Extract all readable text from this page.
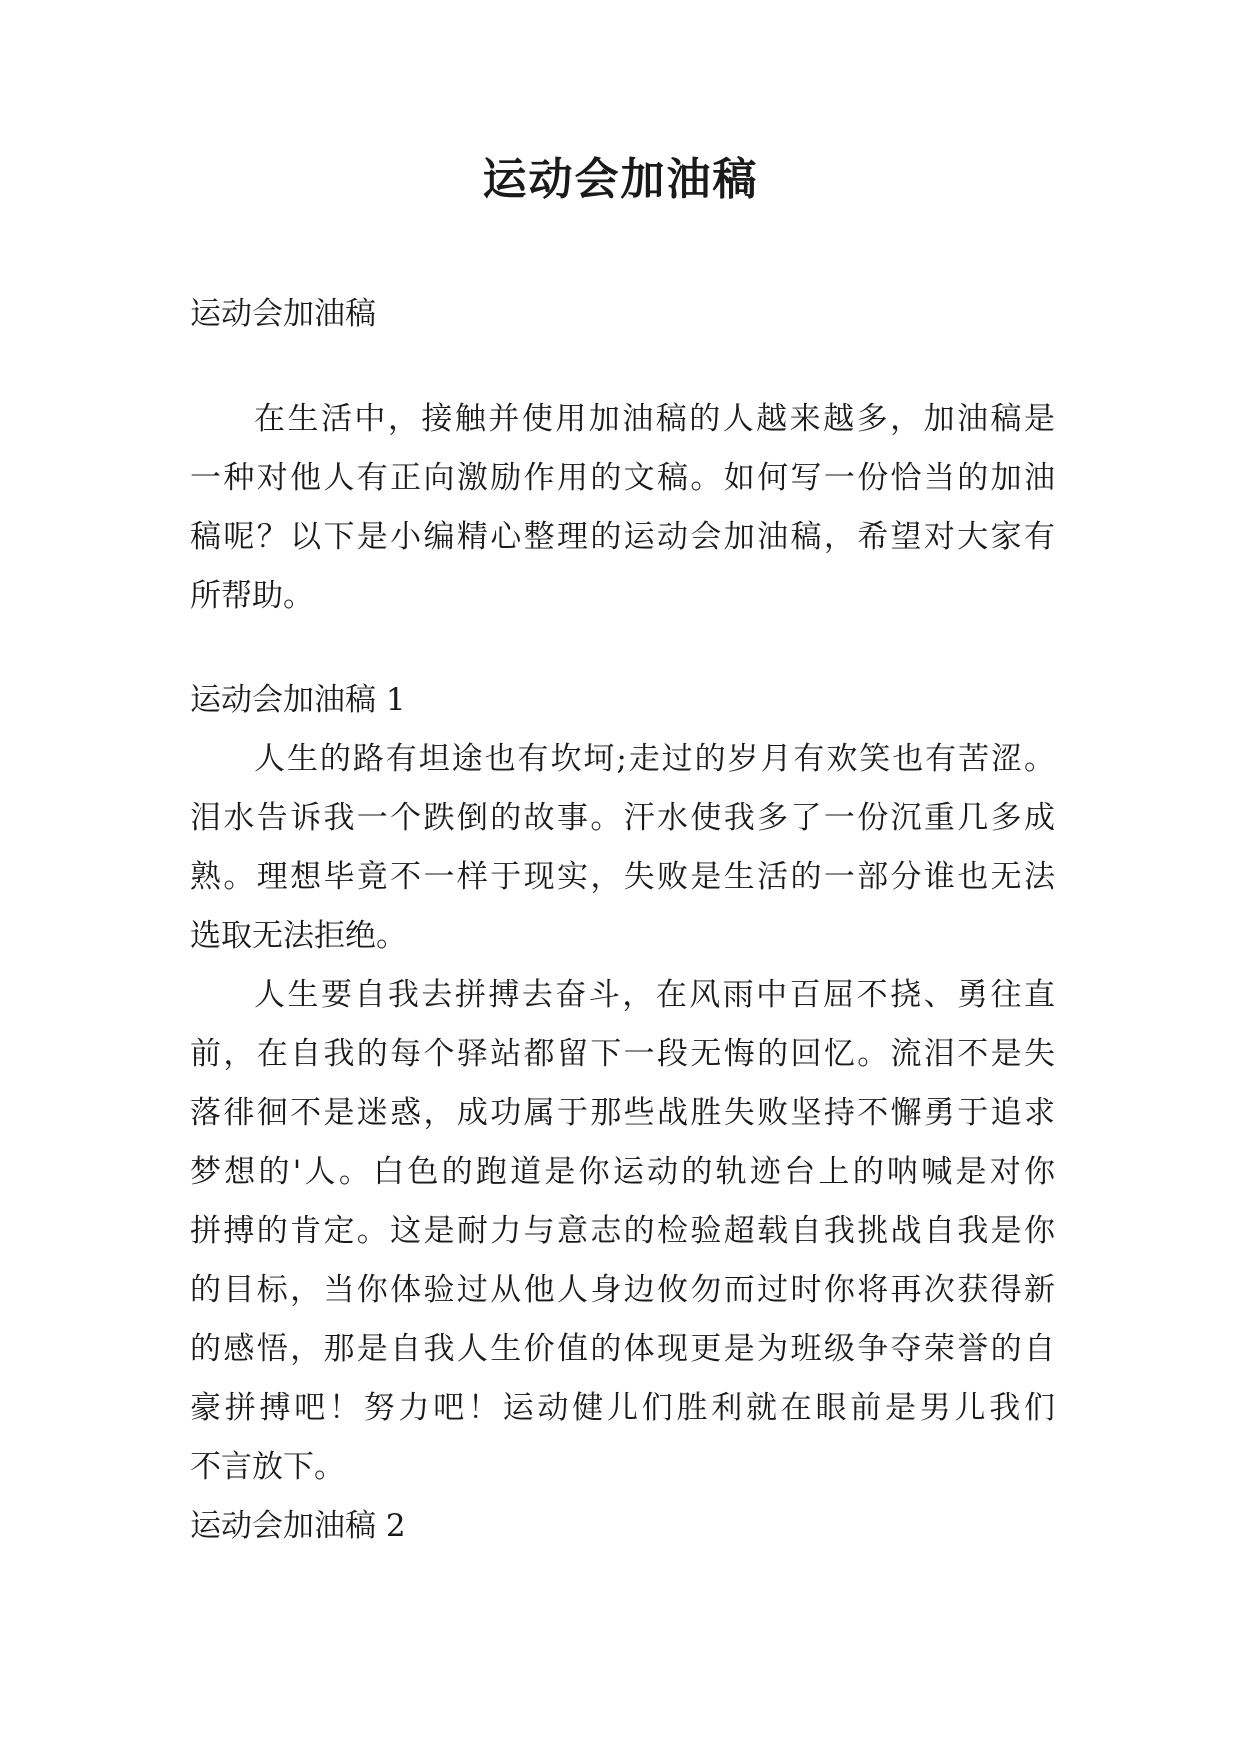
运动会加油稿
运动会加油稿
在生活中，接触并使用加油稿的人越来越多，加油稿是
一种对他人有正向激励作用的文稿。如何写一份恰当的加油
稿呢？以下是小编精心整理的运动会加油稿，希望对大家有
所帮助。
运动会加油稿 1
人生的路有坦途也有坎坷;走过的岁月有欢笑也有苦涩。
泪水告诉我一个跌倒的故事。汗水使我多了一份沉重几多成
熟。理想毕竟不一样于现实，失败是生活的一部分谁也无法
选取无法拒绝。
人生要自我去拼搏去奋斗，在风雨中百屈不挠、勇往直
前，在自我的每个驿站都留下一段无悔的回忆。流泪不是失
落徘徊不是迷惑，成功属于那些战胜失败坚持不懈勇于追求
梦想的'人。白色的跑道是你运动的轨迹台上的呐喊是对你
拼搏的肯定。这是耐力与意志的检验超载自我挑战自我是你
的目标，当你体验过从他人身边攸勿而过时你将再次获得新
的感悟，那是自我人生价值的体现更是为班级争夺荣誉的自
豪拼搏吧！努力吧！运动健儿们胜利就在眼前是男儿我们
不言放下。
运动会加油稿 2
